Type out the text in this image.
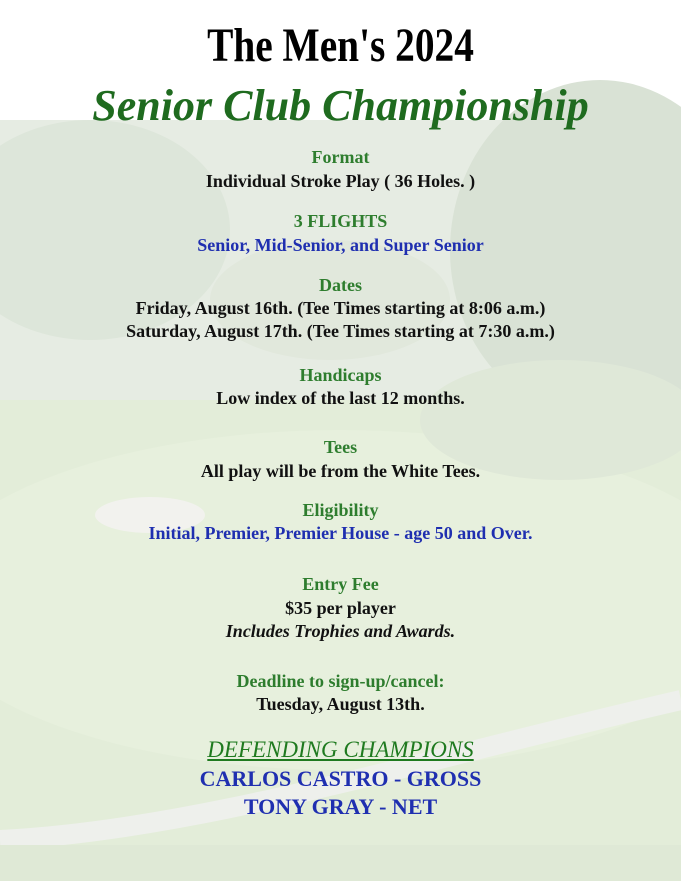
The Men's 2024
Senior Club Championship
Format
Individual Stroke Play ( 36 Holes. )
3 FLIGHTS
Senior, Mid-Senior, and Super Senior
Dates
Friday, August 16th. (Tee Times starting at 8:06 a.m.)
Saturday, August 17th. (Tee Times starting at 7:30 a.m.)
Handicaps
Low index of the last 12 months.
Tees
All play will be from the White Tees.
Eligibility
Initial, Premier, Premier House - age 50 and Over.
Entry Fee
$35 per player
Includes Trophies and Awards.
Deadline to sign-up/cancel:
Tuesday, August 13th.
DEFENDING CHAMPIONS
CARLOS CASTRO - GROSS
TONY GRAY - NET
